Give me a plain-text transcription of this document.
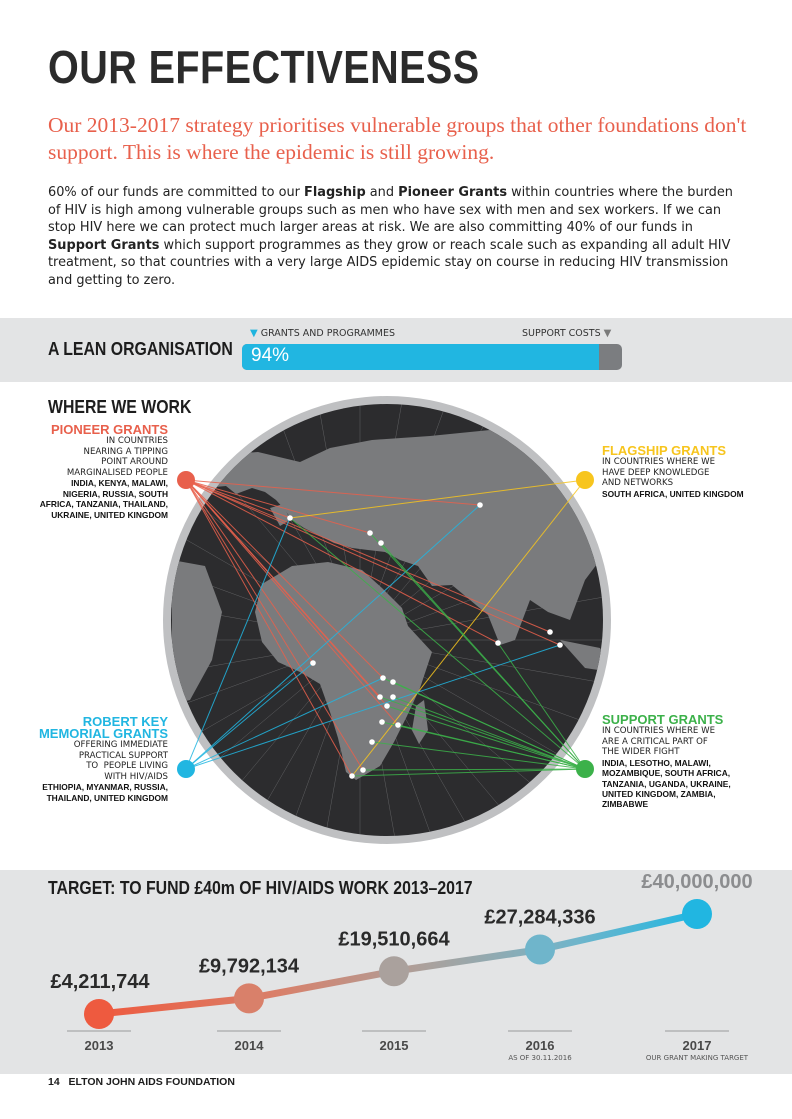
OUR EFFECTIVENESS
Our 2013-2017 strategy prioritises vulnerable groups that other foundations don't support. This is where the epidemic is still growing.
60% of our funds are committed to our Flagship and Pioneer Grants within countries where the burden of HIV is high among vulnerable groups such as men who have sex with men and sex workers. If we can stop HIV here we can protect much larger areas at risk. We are also committing 40% of our funds in Support Grants which support programmes as they grow or reach scale such as expanding all adult HIV treatment, so that countries with a very large AIDS epidemic stay on course in reducing HIV transmission and getting to zero.
A LEAN ORGANISATION
▼ GRANTS AND PROGRAMMES	SUPPORT COSTS ▼
94%
WHERE WE WORK
PIONEER GRANTS
IN COUNTRIES
NEARING A TIPPING
POINT AROUND
MARGINALISED PEOPLE
INDIA, KENYA, MALAWI,
NIGERIA, RUSSIA, SOUTH
AFRICA, TANZANIA, THAILAND,
UKRAINE, UNITED KINGDOM
FLAGSHIP GRANTS
IN COUNTRIES WHERE WE
HAVE DEEP KNOWLEDGE
AND NETWORKS
SOUTH AFRICA, UNITED KINGDOM
ROBERT KEY
MEMORIAL GRANTS
OFFERING IMMEDIATE
PRACTICAL SUPPORT
TO  PEOPLE LIVING
WITH HIV/AIDS
ETHIOPIA, MYANMAR, RUSSIA,
THAILAND, UNITED KINGDOM
SUPPORT GRANTS
IN COUNTRIES WHERE WE
ARE A CRITICAL PART OF
THE WIDER FIGHT
INDIA, LESOTHO, MALAWI,
MOZAMBIQUE, SOUTH AFRICA,
TANZANIA, UGANDA, UKRAINE,
UNITED KINGDOM, ZAMBIA,
ZIMBABWE
TARGET: TO FUND £40m OF HIV/AIDS WORK 2013–2017
£4,211,744
2013
£9,792,134
2014
£19,510,664
2015
£27,284,336
2016
AS OF 30.11.2016
£40,000,000
2017
OUR GRANT MAKING TARGET
14 ELTON JOHN AIDS FOUNDATION
